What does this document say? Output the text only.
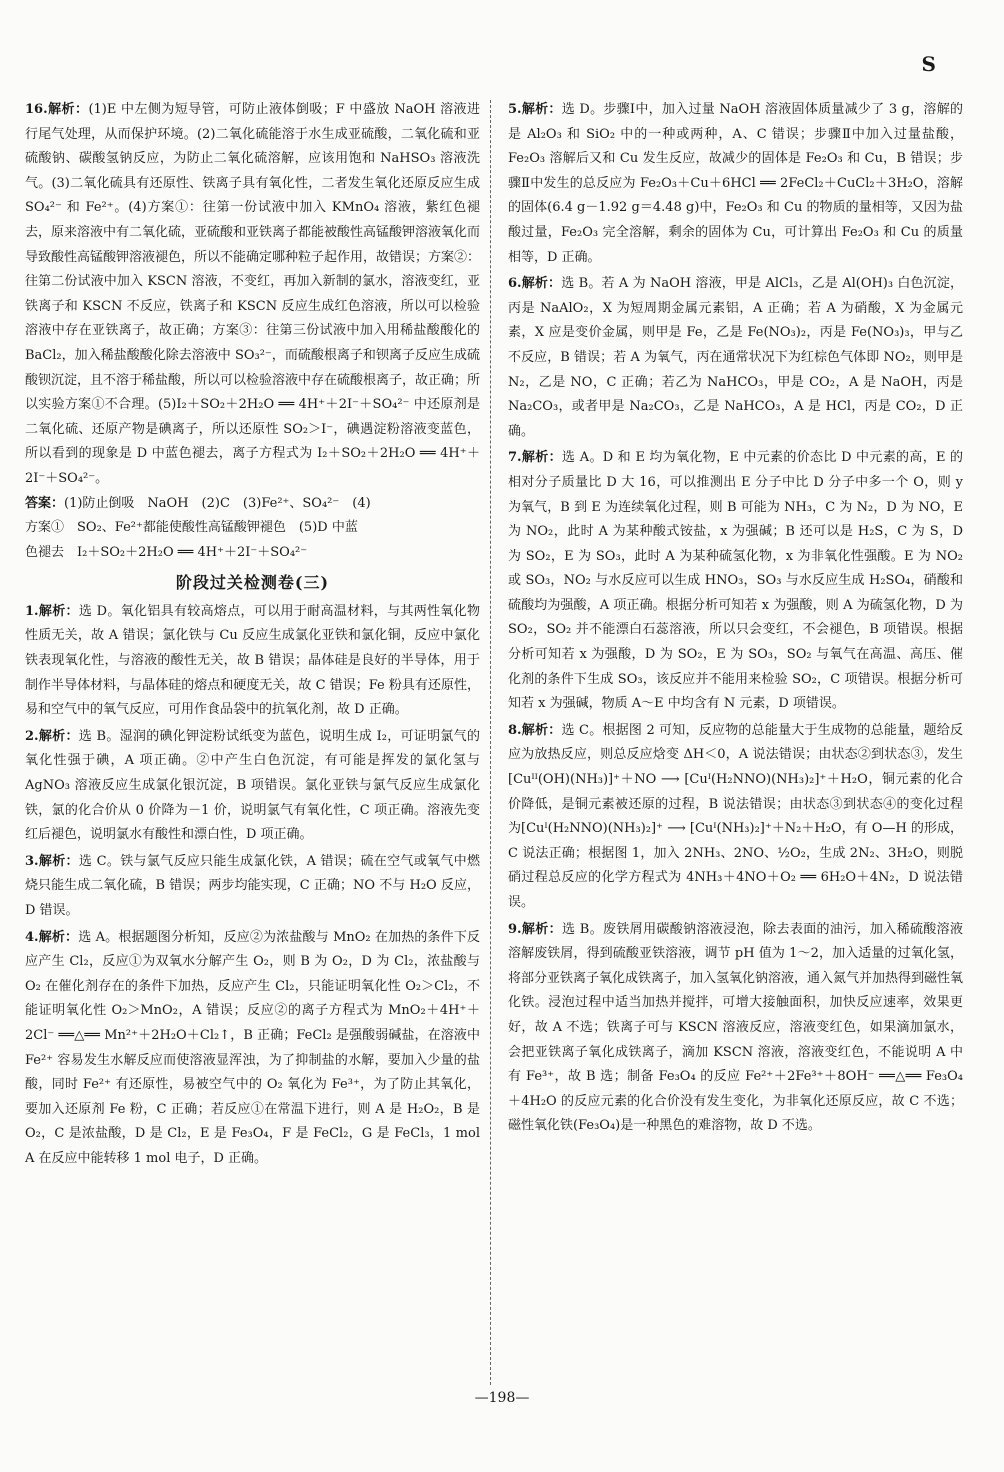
S

16.解析：(1)E 中左侧为短导管，可防止液体倒吸；F 中盛放 NaOH 溶液进行尾气处理，从而保护环境。(2)二氧化硫能溶于水生成亚硫酸，二氧化硫和亚硫酸钠、碳酸氢钠反应，为防止二氧化硫溶解，应该用饱和 NaHSO₃ 溶液洗气。(3)二氧化硫具有还原性、铁离子具有氧化性，二者发生氧化还原反应生成 SO₄²⁻ 和 Fe²⁺。(4)方案①：往第一份试液中加入 KMnO₄ 溶液，紫红色褪去，原来溶液中有二氧化硫，亚硫酸和亚铁离子都能被酸性高锰酸钾溶液氧化而导致酸性高锰酸钾溶液褪色，所以不能确定哪种粒子起作用，故错误；方案②：往第二份试液中加入 KSCN 溶液，不变红，再加入新制的氯水，溶液变红，亚铁离子和 KSCN 不反应，铁离子和 KSCN 反应生成红色溶液，所以可以检验溶液中存在亚铁离子，故正确；方案③：往第三份试液中加入用稀盐酸酸化的 BaCl₂，加入稀盐酸酸化除去溶液中 SO₃²⁻，而硫酸根离子和钡离子反应生成硫酸钡沉淀，且不溶于稀盐酸，所以可以检验溶液中存在硫酸根离子，故正确；所以实验方案①不合理。(5)I₂＋SO₂＋2H₂O ══ 4H⁺＋2I⁻＋SO₄²⁻ 中还原剂是二氧化硫、还原产物是碘离子，所以还原性 SO₂＞I⁻，碘遇淀粉溶液变蓝色，所以看到的现象是 D 中蓝色褪去，离子方程式为 I₂＋SO₂＋2H₂O ══ 4H⁺＋2I⁻＋SO₄²⁻。

答案：(1)防止倒吸　NaOH　(2)C　(3)Fe²⁺、SO₄²⁻　(4)

方案①　SO₂、Fe²⁺都能使酸性高锰酸钾褪色　(5)D 中蓝

色褪去　I₂＋SO₂＋2H₂O ══ 4H⁺＋2I⁻＋SO₄²⁻

阶段过关检测卷(三)

1.解析：选 D。氧化铝具有较高熔点，可以用于耐高温材料，与其两性氧化物性质无关，故 A 错误；氯化铁与 Cu 反应生成氯化亚铁和氯化铜，反应中氯化铁表现氧化性，与溶液的酸性无关，故 B 错误；晶体硅是良好的半导体，用于制作半导体材料，与晶体硅的熔点和硬度无关，故 C 错误；Fe 粉具有还原性，易和空气中的氧气反应，可用作食品袋中的抗氧化剂，故 D 正确。

2.解析：选 B。湿润的碘化钾淀粉试纸变为蓝色，说明生成 I₂，可证明氯气的氧化性强于碘，A 项正确。②中产生白色沉淀，有可能是挥发的氯化氢与 AgNO₃ 溶液反应生成氯化银沉淀，B 项错误。氯化亚铁与氯气反应生成氯化铁，氯的化合价从 0 价降为－1 价，说明氯气有氧化性，C 项正确。溶液先变红后褪色，说明氯水有酸性和漂白性，D 项正确。

3.解析：选 C。铁与氯气反应只能生成氯化铁，A 错误；硫在空气或氧气中燃烧只能生成二氧化硫，B 错误；两步均能实现，C 正确；NO 不与 H₂O 反应，D 错误。

4.解析：选 A。根据题图分析知，反应②为浓盐酸与 MnO₂ 在加热的条件下反应产生 Cl₂，反应①为双氧水分解产生 O₂，则 B 为 O₂，D 为 Cl₂，浓盐酸与 O₂ 在催化剂存在的条件下加热，反应产生 Cl₂，只能证明氧化性 O₂＞Cl₂，不能证明氧化性 O₂＞MnO₂，A 错误；反应②的离子方程式为 MnO₂＋4H⁺＋2Cl⁻ ══△══ Mn²⁺＋2H₂O＋Cl₂↑，B 正确；FeCl₂ 是强酸弱碱盐，在溶液中 Fe²⁺ 容易发生水解反应而使溶液显浑浊，为了抑制盐的水解，要加入少量的盐酸，同时 Fe²⁺ 有还原性，易被空气中的 O₂ 氧化为 Fe³⁺，为了防止其氧化，要加入还原剂 Fe 粉，C 正确；若反应①在常温下进行，则 A 是 H₂O₂，B 是 O₂，C 是浓盐酸，D 是 Cl₂，E 是 Fe₃O₄，F 是 FeCl₂，G 是 FeCl₃，1 mol A 在反应中能转移 1 mol 电子，D 正确。

5.解析：选 D。步骤Ⅰ中，加入过量 NaOH 溶液固体质量减少了 3 g，溶解的是 Al₂O₃ 和 SiO₂ 中的一种或两种，A、C 错误；步骤Ⅱ中加入过量盐酸，Fe₂O₃ 溶解后又和 Cu 发生反应，故减少的固体是 Fe₂O₃ 和 Cu，B 错误；步骤Ⅱ中发生的总反应为 Fe₂O₃＋Cu＋6HCl ══ 2FeCl₂＋CuCl₂＋3H₂O，溶解的固体(6.4 g－1.92 g＝4.48 g)中，Fe₂O₃ 和 Cu 的物质的量相等，又因为盐酸过量，Fe₂O₃ 完全溶解，剩余的固体为 Cu，可计算出 Fe₂O₃ 和 Cu 的质量相等，D 正确。

6.解析：选 B。若 A 为 NaOH 溶液，甲是 AlCl₃，乙是 Al(OH)₃ 白色沉淀，丙是 NaAlO₂，X 为短周期金属元素铝，A 正确；若 A 为硝酸，X 为金属元素，X 应是变价金属，则甲是 Fe，乙是 Fe(NO₃)₂，丙是 Fe(NO₃)₃，甲与乙不反应，B 错误；若 A 为氧气，丙在通常状况下为红棕色气体即 NO₂，则甲是 N₂，乙是 NO，C 正确；若乙为 NaHCO₃，甲是 CO₂，A 是 NaOH，丙是 Na₂CO₃，或者甲是 Na₂CO₃，乙是 NaHCO₃，A 是 HCl，丙是 CO₂，D 正确。

7.解析：选 A。D 和 E 均为氧化物，E 中元素的价态比 D 中元素的高，E 的相对分子质量比 D 大 16，可以推测出 E 分子中比 D 分子中多一个 O，则 y 为氧气，B 到 E 为连续氧化过程，则 B 可能为 NH₃，C 为 N₂，D 为 NO，E 为 NO₂，此时 A 为某种酸式铵盐，x 为强碱；B 还可以是 H₂S，C 为 S，D 为 SO₂，E 为 SO₃，此时 A 为某种硫氢化物，x 为非氧化性强酸。E 为 NO₂ 或 SO₃，NO₂ 与水反应可以生成 HNO₃，SO₃ 与水反应生成 H₂SO₄，硝酸和硫酸均为强酸，A 项正确。根据分析可知若 x 为强酸，则 A 为硫氢化物，D 为 SO₂，SO₂ 并不能漂白石蕊溶液，所以只会变红，不会褪色，B 项错误。根据分析可知若 x 为强酸，D 为 SO₂，E 为 SO₃，SO₂ 与氧气在高温、高压、催化剂的条件下生成 SO₃，该反应并不能用来检验 SO₂，C 项错误。根据分析可知若 x 为强碱，物质 A～E 中均含有 N 元素，D 项错误。

8.解析：选 C。根据图 2 可知，反应物的总能量大于生成物的总能量，题给反应为放热反应，则总反应焓变 ΔH＜0，A 说法错误；由状态②到状态③，发生[Cuᴵᴵ(OH)(NH₃)]⁺＋NO ⟶ [Cuᴵ(H₂NNO)(NH₃)₂]⁺＋H₂O，铜元素的化合价降低，是铜元素被还原的过程，B 说法错误；由状态③到状态④的变化过程为[Cuᴵ(H₂NNO)(NH₃)₂]⁺ ⟶ [Cuᴵ(NH₃)₂]⁺＋N₂＋H₂O，有 O—H 的形成，C 说法正确；根据图 1，加入 2NH₃、2NO、½O₂，生成 2N₂、3H₂O，则脱硝过程总反应的化学方程式为 4NH₃＋4NO＋O₂ ══ 6H₂O＋4N₂，D 说法错误。

9.解析：选 B。废铁屑用碳酸钠溶液浸泡，除去表面的油污，加入稀硫酸溶液溶解废铁屑，得到硫酸亚铁溶液，调节 pH 值为 1～2，加入适量的过氧化氢，将部分亚铁离子氧化成铁离子，加入氢氧化钠溶液，通入氮气并加热得到磁性氧化铁。浸泡过程中适当加热并搅拌，可增大接触面积，加快反应速率，效果更好，故 A 不选；铁离子可与 KSCN 溶液反应，溶液变红色，如果滴加氯水，会把亚铁离子氧化成铁离子，滴加 KSCN 溶液，溶液变红色，不能说明 A 中有 Fe³⁺，故 B 选；制备 Fe₃O₄ 的反应 Fe²⁺＋2Fe³⁺＋8OH⁻ ══△══ Fe₃O₄＋4H₂O 的反应元素的化合价没有发生变化，为非氧化还原反应，故 C 不选；磁性氧化铁(Fe₃O₄)是一种黑色的难溶物，故 D 不选。

—198—
